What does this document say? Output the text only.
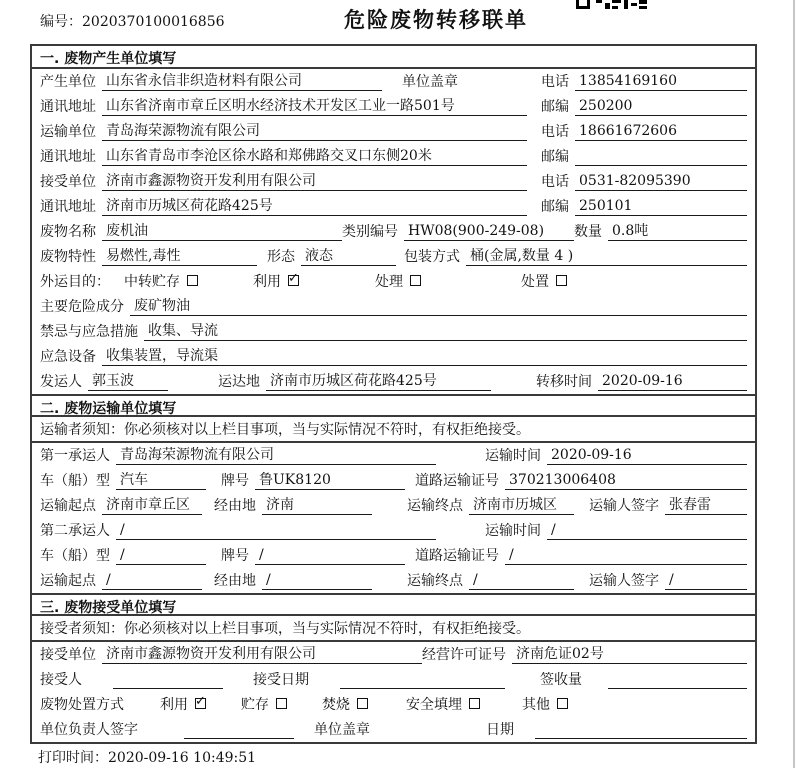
编号：2020370100016856	危险废物转移联单
一. 废物产生单位填写
产生单位 山东省永信非织造材料有限公司	单位盖章	电话 13854169160
通讯地址 山东省济南市章丘区明水经济技术开发区工业一路501号	邮编 250200
运输单位 青岛海荣源物流有限公司	电话 18661672606
通讯地址 山东省青岛市李沧区徐水路和郑佛路交叉口东侧20米	邮编
接受单位 济南市鑫源物资开发利用有限公司	电话 0531-82095390
通讯地址 济南市历城区荷花路425号	邮编 250101
废物名称 废机油	类别编号 HW08(900-249-08)	数量 0.8吨
废物特性 易燃性,毒性	形态 液态	包装方式 桶(金属,数量 4 )
外运目的： 中转贮存	利用 ✓	处理	处置
主要危险成分 废矿物油
禁忌与应急措施 收集、导流
应急设备 收集装置，导流渠
发运人 郭玉波	运达地 济南市历城区荷花路425号	转移时间 2020-09-16
二. 废物运输单位填写
运输者须知：你必须核对以上栏目事项，当与实际情况不符时，有权拒绝接受。
第一承运人 青岛海荣源物流有限公司	运输时间 2020-09-16
车（船）型 汽车	牌号 鲁UK8120	道路运输证号 370213006408
运输起点 济南市章丘区	经由地 济南	运输终点 济南市历城区	运输人签字 张春雷
第二承运人 /	运输时间 /
车（船）型 /	牌号 /	道路运输证号 /
运输起点 /	经由地 /	运输终点 /	运输人签字 /
三. 废物接受单位填写
接受者须知：你必须核对以上栏目事项，当与实际情况不符时，有权拒绝接受。
接受单位 济南市鑫源物资开发利用有限公司	经营许可证号 济南危证02号
接受人	接受日期	签收量
废物处置方式	利用 ✓	贮存	焚烧	安全填埋	其他
单位负责人签字	单位盖章	日期
打印时间：2020-09-16 10:49:51
